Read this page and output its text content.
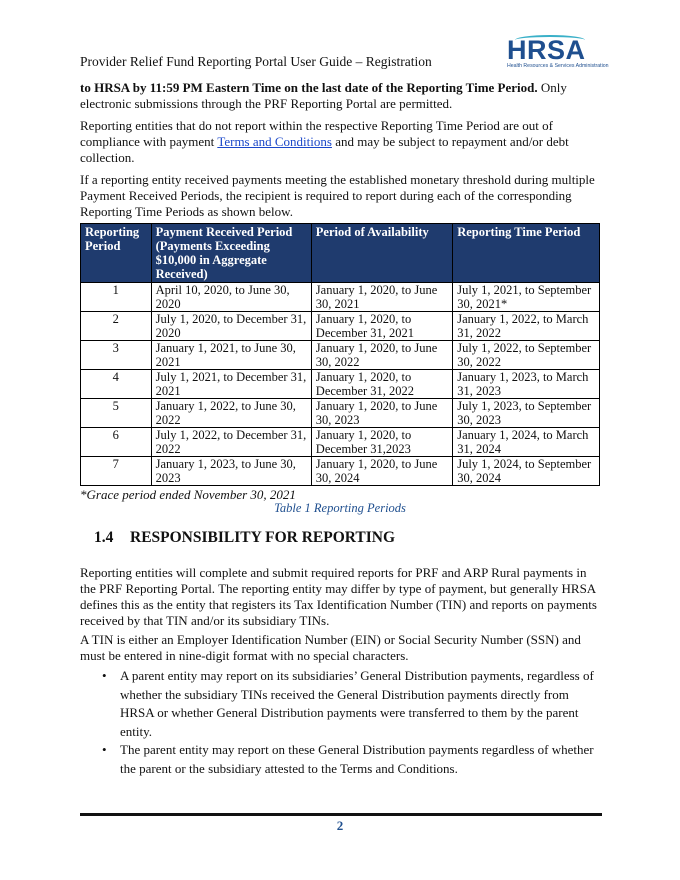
Provider Relief Fund Reporting Portal User Guide – Registration	HRSA
Health Resources & Services Administration

to HRSA by 11:59 PM Eastern Time on the last date of the Reporting Time Period. Only electronic submissions through the PRF Reporting Portal are permitted.

Reporting entities that do not report within the respective Reporting Time Period are out of compliance with payment Terms and Conditions and may be subject to repayment and/or debt collection.

If a reporting entity received payments meeting the established monetary threshold during multiple Payment Received Periods, the recipient is required to report during each of the corresponding Reporting Time Periods as shown below.

Reporting Period	Payment Received Period (Payments Exceeding $10,000 in Aggregate Received)	Period of Availability	Reporting Time Period
1	April 10, 2020, to June 30, 2020	January 1, 2020, to June 30, 2021	July 1, 2021, to September 30, 2021*
2	July 1, 2020, to December 31, 2020	January 1, 2020, to December 31, 2021	January 1, 2022, to March 31, 2022
3	January 1, 2021, to June 30, 2021	January 1, 2020, to June 30, 2022	July 1, 2022, to September 30, 2022
4	July 1, 2021, to December 31, 2021	January 1, 2020, to December 31, 2022	January 1, 2023, to March 31, 2023
5	January 1, 2022, to June 30, 2022	January 1, 2020, to June 30, 2023	July 1, 2023, to September 30, 2023
6	July 1, 2022, to December 31, 2022	January 1, 2020, to December 31,2023	January 1, 2024, to March 31, 2024
7	January 1, 2023, to June 30, 2023	January 1, 2020, to June 30, 2024	July 1, 2024, to September 30, 2024
*Grace period ended November 30, 2021
Table 1 Reporting Periods
1.4 RESPONSIBILITY FOR REPORTING

Reporting entities will complete and submit required reports for PRF and ARP Rural payments in the PRF Reporting Portal. The reporting entity may differ by type of payment, but generally HRSA defines this as the entity that registers its Tax Identification Number (TIN) and reports on payments received by that TIN and/or its subsidiary TINs.

A TIN is either an Employer Identification Number (EIN) or Social Security Number (SSN) and must be entered in nine-digit format with no special characters.

• A parent entity may report on its subsidiaries’ General Distribution payments, regardless of whether the subsidiary TINs received the General Distribution payments directly from HRSA or whether General Distribution payments were transferred to them by the parent entity.
• The parent entity may report on these General Distribution payments regardless of whether the parent or the subsidiary attested to the Terms and Conditions.
2
